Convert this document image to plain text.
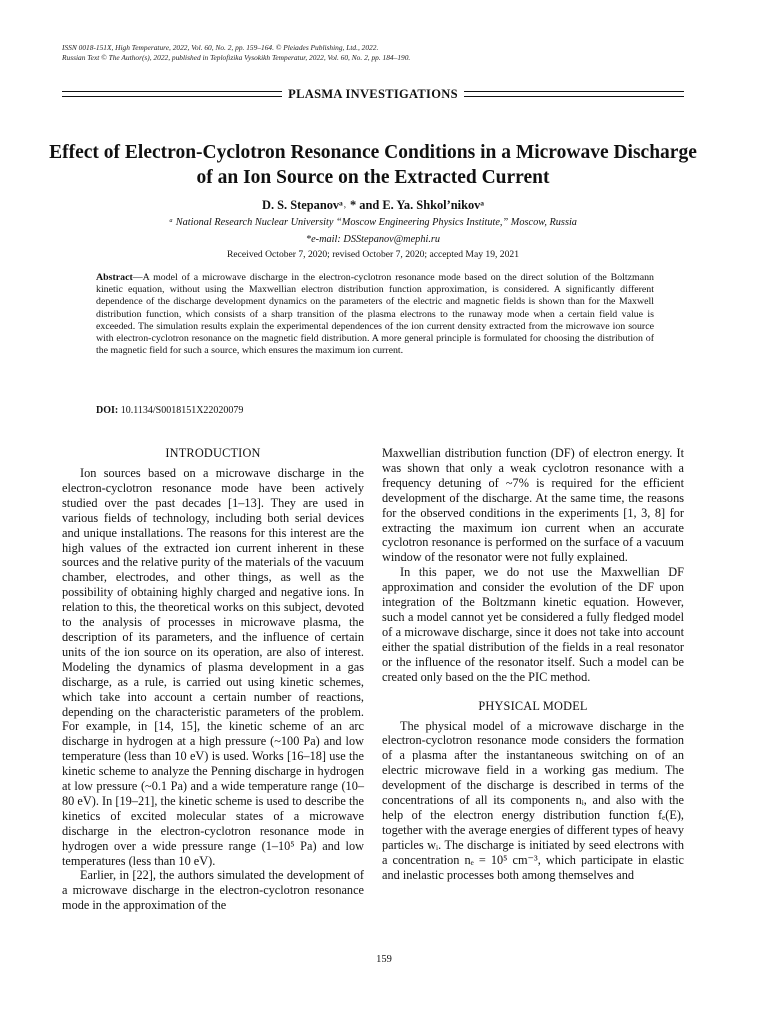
ISSN 0018-151X, High Temperature, 2022, Vol. 60, No. 2, pp. 159–164. © Pleiades Publishing, Ltd., 2022.
Russian Text © The Author(s), 2022, published in Teplofizika Vysokikh Temperatur, 2022, Vol. 60, No. 2, pp. 184–190.
PLASMA INVESTIGATIONS
Effect of Electron-Cyclotron Resonance Conditions in a Microwave Discharge of an Ion Source on the Extracted Current
D. S. Stepanovᵃ˒ * and E. Ya. Shkol’nikovᵃ
ᵃ National Research Nuclear University “Moscow Engineering Physics Institute,” Moscow, Russia
*e-mail: DSStepanov@mephi.ru
Received October 7, 2020; revised October 7, 2020; accepted May 19, 2021
Abstract—A model of a microwave discharge in the electron-cyclotron resonance mode based on the direct solution of the Boltzmann kinetic equation, without using the Maxwellian electron distribution function approximation, is considered. A significantly different dependence of the discharge development dynamics on the parameters of the electric and magnetic fields is shown than for the Maxwell distribution function, which consists of a sharp transition of the plasma electrons to the runaway mode when a certain field value is exceeded. The simulation results explain the experimental dependences of the ion current density extracted from the microwave ion source with electron-cyclotron resonance on the magnetic field distribution. A more general principle is formulated for choosing the distribution of the magnetic field for such a source, which ensures the maximum ion current.
DOI: 10.1134/S0018151X22020079
INTRODUCTION

Ion sources based on a microwave discharge in the electron-cyclotron resonance mode have been actively studied over the past decades [1–13]. They are used in various fields of technology, including both serial devices and unique installations. The reasons for this interest are the high values of the extracted ion current inherent in these sources and the relative purity of the materials of the vacuum chamber, electrodes, and other things, as well as the possibility of obtaining highly charged and negative ions. In relation to this, the theoretical works on this subject, devoted to the analysis of processes in microwave plasma, the description of its parameters, and the influence of certain units of the ion source on its operation, are also of interest. Modeling the dynamics of plasma development in a gas discharge, as a rule, is carried out using kinetic schemes, which take into account a certain number of reactions, depending on the characteristic parameters of the problem. For example, in [14, 15], the kinetic scheme of an arc discharge in hydrogen at a high pressure (~100 Pa) and low temperature (less than 10 eV) is used. Works [16–18] use the kinetic scheme to analyze the Penning discharge in hydrogen at low pressure (~0.1 Pa) and a wide temperature range (10–80 eV). In [19–21], the kinetic scheme is used to describe the kinetics of excited molecular states of a microwave discharge in the electron-cyclotron resonance mode in hydrogen over a wide pressure range (1–10⁵ Pa) and low temperatures (less than 10 eV).

Earlier, in [22], the authors simulated the development of a microwave discharge in the electron-cyclotron resonance mode in the approximation of the

Maxwellian distribution function (DF) of electron energy. It was shown that only a weak cyclotron resonance with a frequency detuning of ~7% is required for the efficient development of the discharge. At the same time, the reasons for the observed conditions in the experiments [1, 3, 8] for extracting the maximum ion current when an accurate cyclotron resonance is performed on the surface of a vacuum window of the resonator were not fully explained.

In this paper, we do not use the Maxwellian DF approximation and consider the evolution of the DF upon integration of the Boltzmann kinetic equation. However, such a model cannot yet be considered a fully fledged model of a microwave discharge, since it does not take into account either the spatial distribution of the fields in a real resonator or the influence of the resonator itself. Such a model can be created only based on the the PIC method.

PHYSICAL MODEL

The physical model of a microwave discharge in the electron-cyclotron resonance mode considers the formation of a plasma after the instantaneous switching on of an electric microwave field in a working gas medium. The development of the discharge is described in terms of the concentrations of all its components nᵢ, and also with the help of the electron energy distribution function fₑ(E), together with the average energies of different types of heavy particles wᵢ. The discharge is initiated by seed electrons with a concentration nₑ = 10⁵ cm⁻³, which participate in elastic and inelastic processes both among themselves and

159
